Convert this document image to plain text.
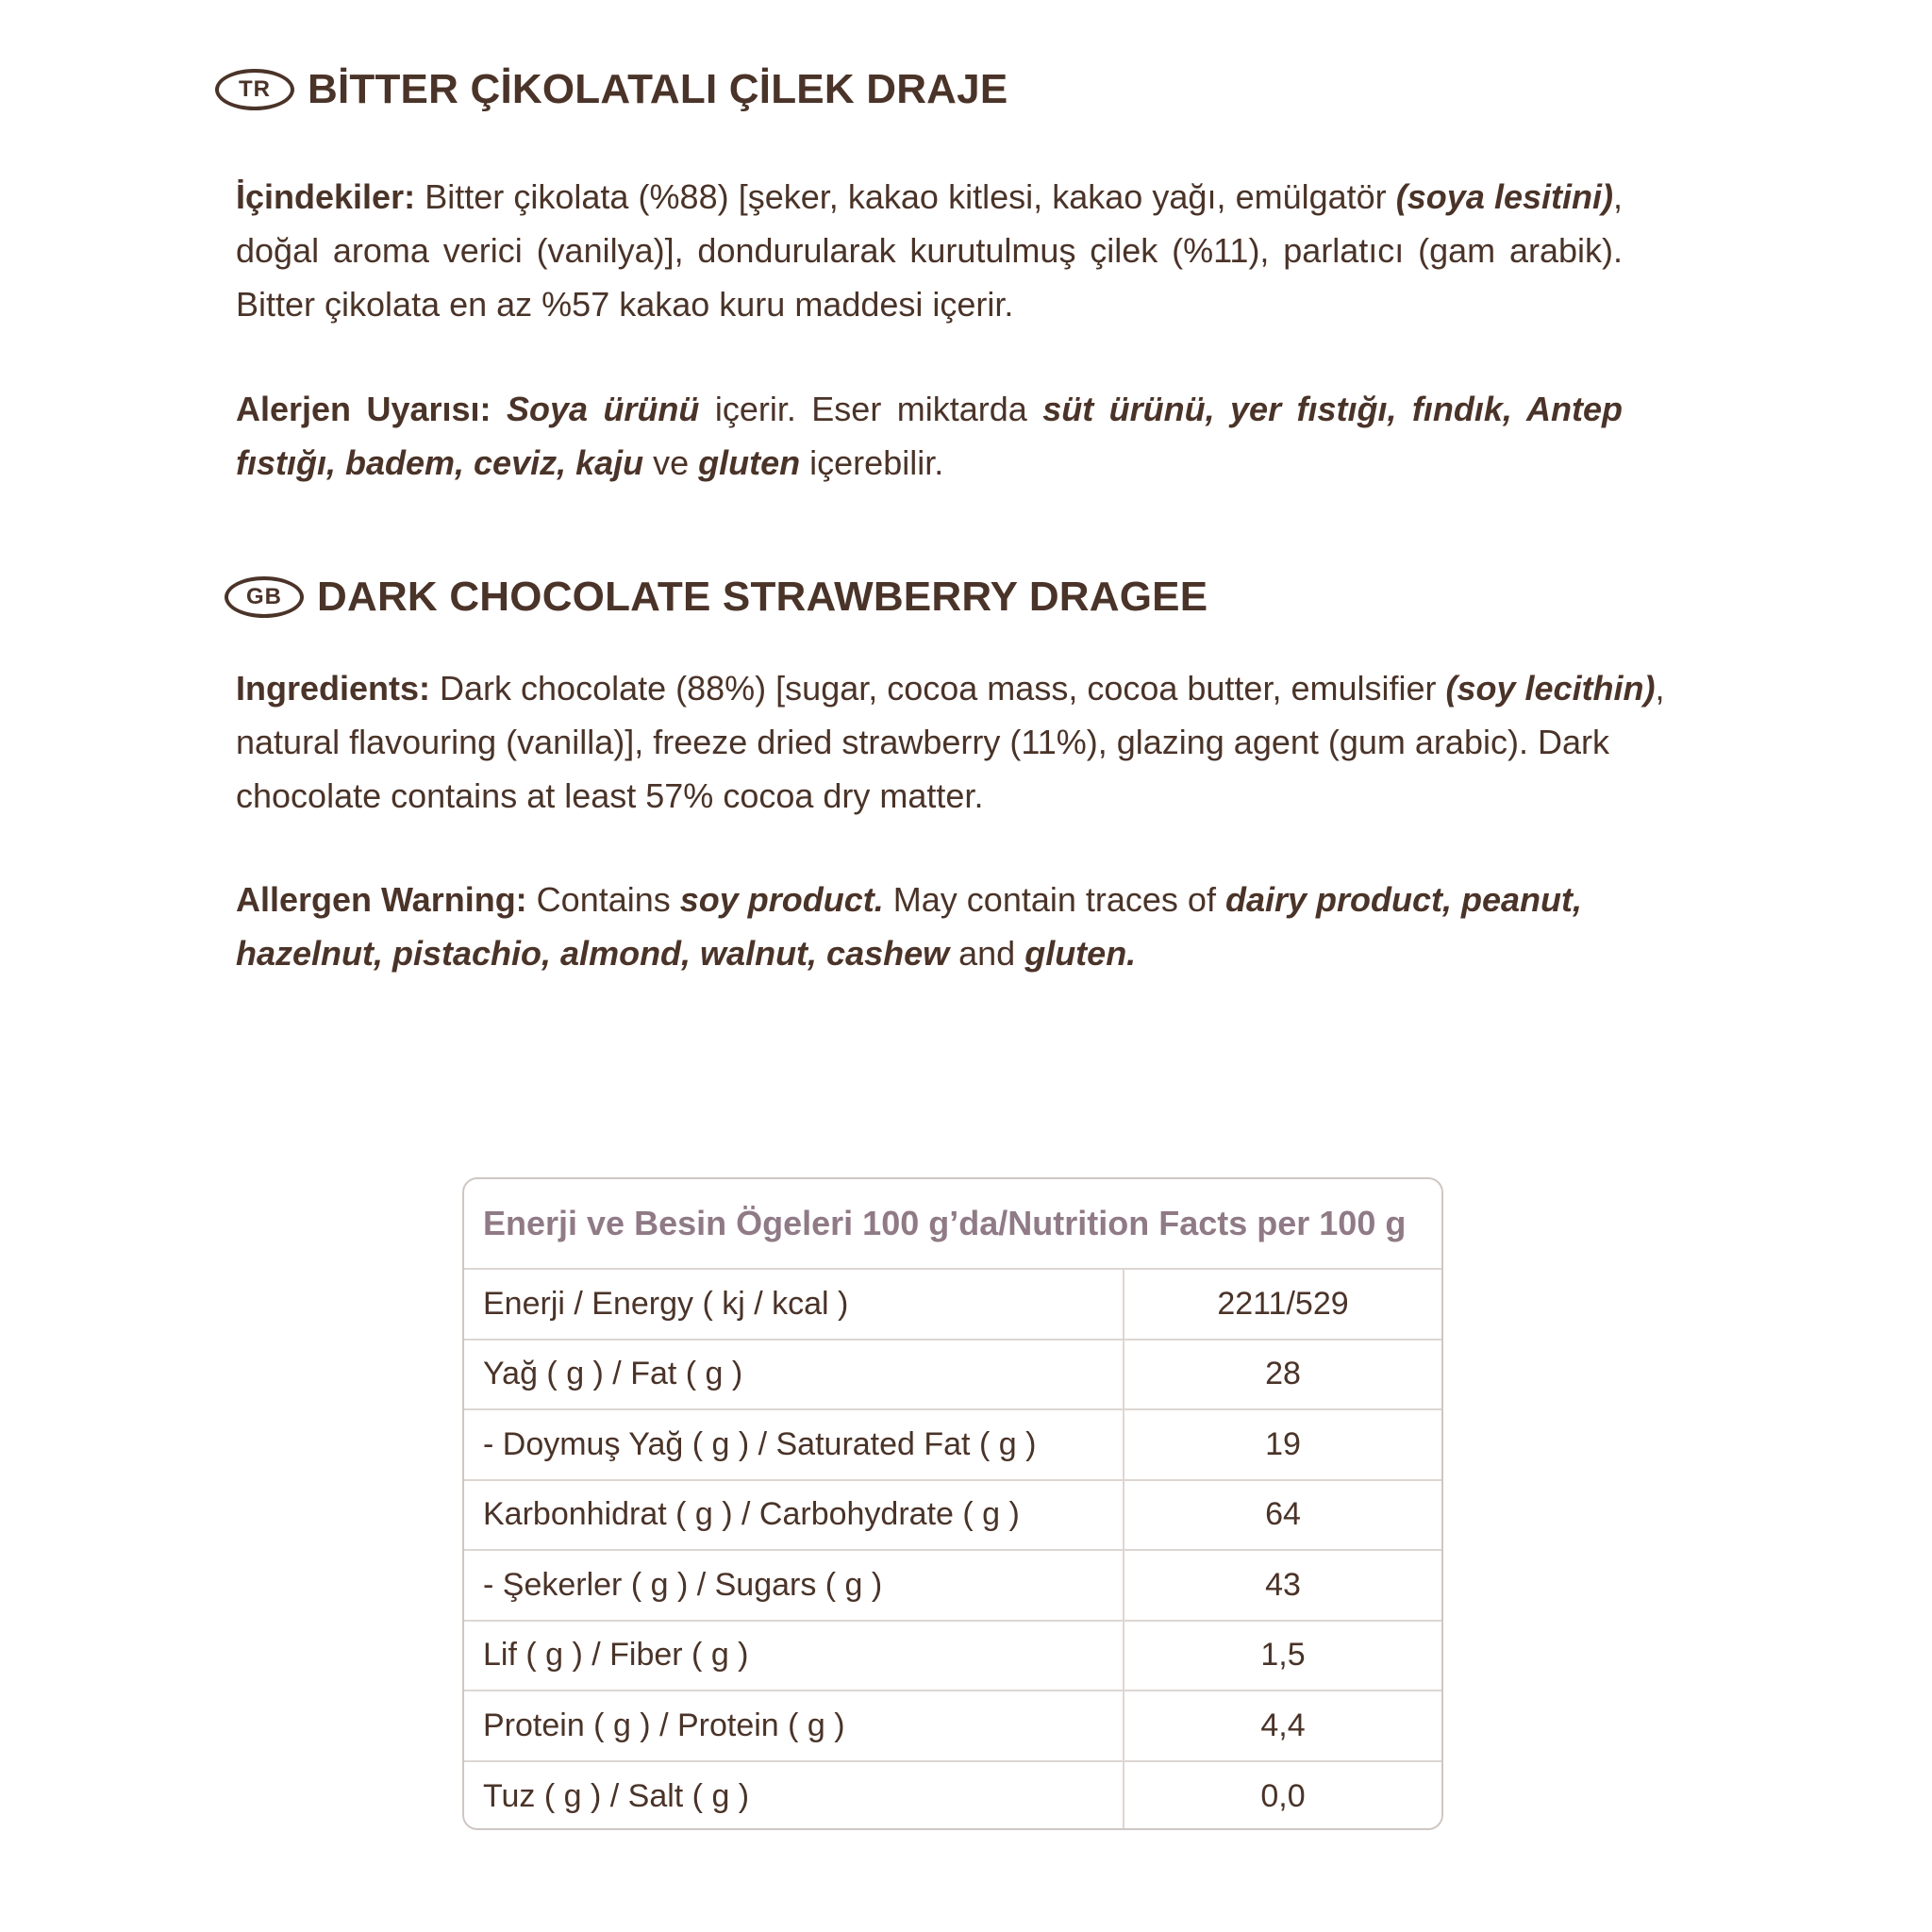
TR BİTTER ÇİKOLATALI ÇİLEK DRAJE
İçindekiler: Bitter çikolata (%88) [şeker, kakao kitlesi, kakao yağı, emülgatör (soya lesitini), doğal aroma verici (vanilya)], dondurularak kurutulmuş çilek (%11), parlatıcı (gam arabik). Bitter çikolata en az %57 kakao kuru maddesi içerir.
Alerjen Uyarısı: Soya ürünü içerir. Eser miktarda süt ürünü, yer fıstığı, fındık, Antep fıstığı, badem, ceviz, kaju ve gluten içerebilir.
GB DARK CHOCOLATE STRAWBERRY DRAGEE
Ingredients: Dark chocolate (88%) [sugar, cocoa mass, cocoa butter, emulsifier (soy lecithin), natural flavouring (vanilla)], freeze dried strawberry (11%), glazing agent (gum arabic). Dark chocolate contains at least 57% cocoa dry matter.
Allergen Warning: Contains soy product. May contain traces of dairy product, peanut, hazelnut, pistachio, almond, walnut, cashew and gluten.
Enerji ve Besin Ögeleri 100 g’da/Nutrition Facts per 100 g
Enerji / Energy ( kj / kcal )	2211/529
Yağ ( g ) / Fat ( g )	28
- Doymuş Yağ ( g ) / Saturated Fat ( g )	19
Karbonhidrat ( g ) / Carbohydrate ( g )	64
- Şekerler ( g ) / Sugars ( g )	43
Lif ( g ) / Fiber ( g )	1,5
Protein ( g ) / Protein ( g )	4,4
Tuz ( g ) / Salt ( g )	0,0
